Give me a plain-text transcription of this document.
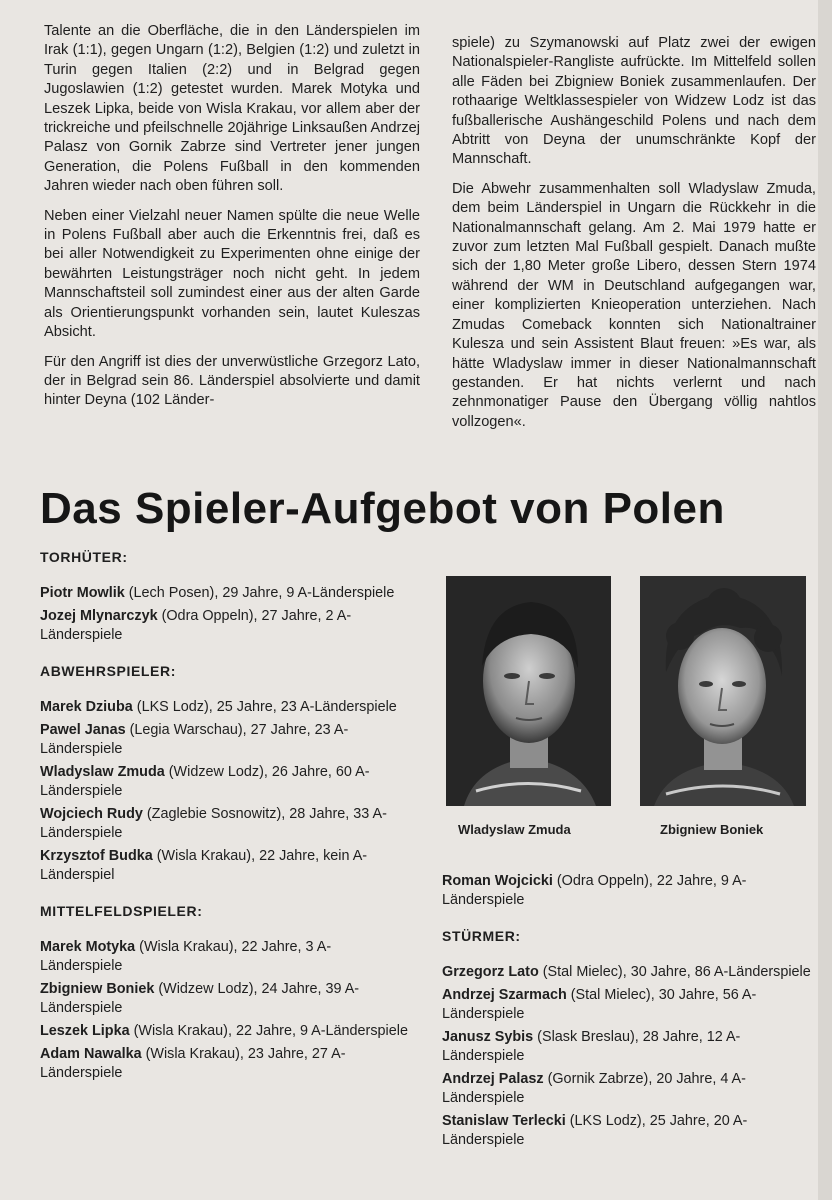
Talente an die Oberfläche, die in den Länderspielen im Irak (1:1), gegen Ungarn (1:2), Belgien (1:2) und zuletzt in Turin gegen Italien (2:2) und in Belgrad gegen Jugoslawien (1:2) getestet wurden. Marek Motyka und Leszek Lipka, beide von Wisla Krakau, vor allem aber der trickreiche und pfeilschnelle 20jährige Linksaußen Andrzej Palasz von Gornik Zabrze sind Vertreter jener jungen Generation, die Polens Fußball in den kommenden Jahren wieder nach oben führen soll.

Neben einer Vielzahl neuer Namen spülte die neue Welle in Polens Fußball aber auch die Erkenntnis frei, daß es bei aller Notwendigkeit zu Experimenten ohne einige der bewährten Leistungsträger noch nicht geht. In jedem Mannschaftsteil soll zumindest einer aus der alten Garde als Orientierungspunkt vorhanden sein, lautet Kuleszas Absicht.

Für den Angriff ist dies der unverwüstliche Grzegorz Lato, der in Belgrad sein 86. Länderspiel absolvierte und damit hinter Deyna (102 Länder-

spiele) zu Szymanowski auf Platz zwei der ewigen Nationalspieler-Rangliste aufrückte. Im Mittelfeld sollen alle Fäden bei Zbigniew Boniek zusammenlaufen. Der rothaarige Weltklassespieler von Widzew Lodz ist das fußballerische Aushängeschild Polens und nach dem Abtritt von Deyna der unumschränkte Kopf der Mannschaft.

Die Abwehr zusammenhalten soll Wladyslaw Zmuda, dem beim Länderspiel in Ungarn die Rückkehr in die Nationalmannschaft gelang. Am 2. Mai 1979 hatte er zuvor zum letzten Mal Fußball gespielt. Danach mußte sich der 1,80 Meter große Libero, dessen Stern 1974 während der WM in Deutschland aufgegangen war, einer komplizierten Knieoperation unterziehen. Nach Zmudas Comeback konnten sich Nationaltrainer Kulesza und sein Assistent Blaut freuen: »Es war, als hätte Wladyslaw immer in dieser Nationalmannschaft gestanden. Er hat nichts verlernt und nach zehnmonatiger Pause den Übergang völlig nahtlos vollzogen«.

Das Spieler-Aufgebot von Polen
TORHÜTER:
Piotr Mowlik (Lech Posen), 29 Jahre, 9 A-Länderspiele
Jozej Mlynarczyk (Odra Oppeln), 27 Jahre, 2 A-Länderspiele
ABWEHRSPIELER:
Marek Dziuba (LKS Lodz), 25 Jahre, 23 A-Länderspiele
Pawel Janas (Legia Warschau), 27 Jahre, 23 A-Länderspiele
Wladyslaw Zmuda (Widzew Lodz), 26 Jahre, 60 A-Länderspiele
Wojciech Rudy (Zaglebie Sosnowitz), 28 Jahre, 33 A-Länderspiele
Krzysztof Budka (Wisla Krakau), 22 Jahre, kein A-Länderspiel
MITTELFELDSPIELER:
Marek Motyka (Wisla Krakau), 22 Jahre, 3 A-Länderspiele
Zbigniew Boniek (Widzew Lodz), 24 Jahre, 39 A-Länderspiele
Leszek Lipka (Wisla Krakau), 22 Jahre, 9 A-Länderspiele
Adam Nawalka (Wisla Krakau), 23 Jahre, 27 A-Länderspiele
Wladyslaw Zmuda	Zbigniew Boniek
Roman Wojcicki (Odra Oppeln), 22 Jahre, 9 A-Länderspiele
STÜRMER:
Grzegorz Lato (Stal Mielec), 30 Jahre, 86 A-Länderspiele
Andrzej Szarmach (Stal Mielec), 30 Jahre, 56 A-Länderspiele
Janusz Sybis (Slask Breslau), 28 Jahre, 12 A-Länderspiele
Andrzej Palasz (Gornik Zabrze), 20 Jahre, 4 A-Länderspiele
Stanislaw Terlecki (LKS Lodz), 25 Jahre, 20 A-Länderspiele
